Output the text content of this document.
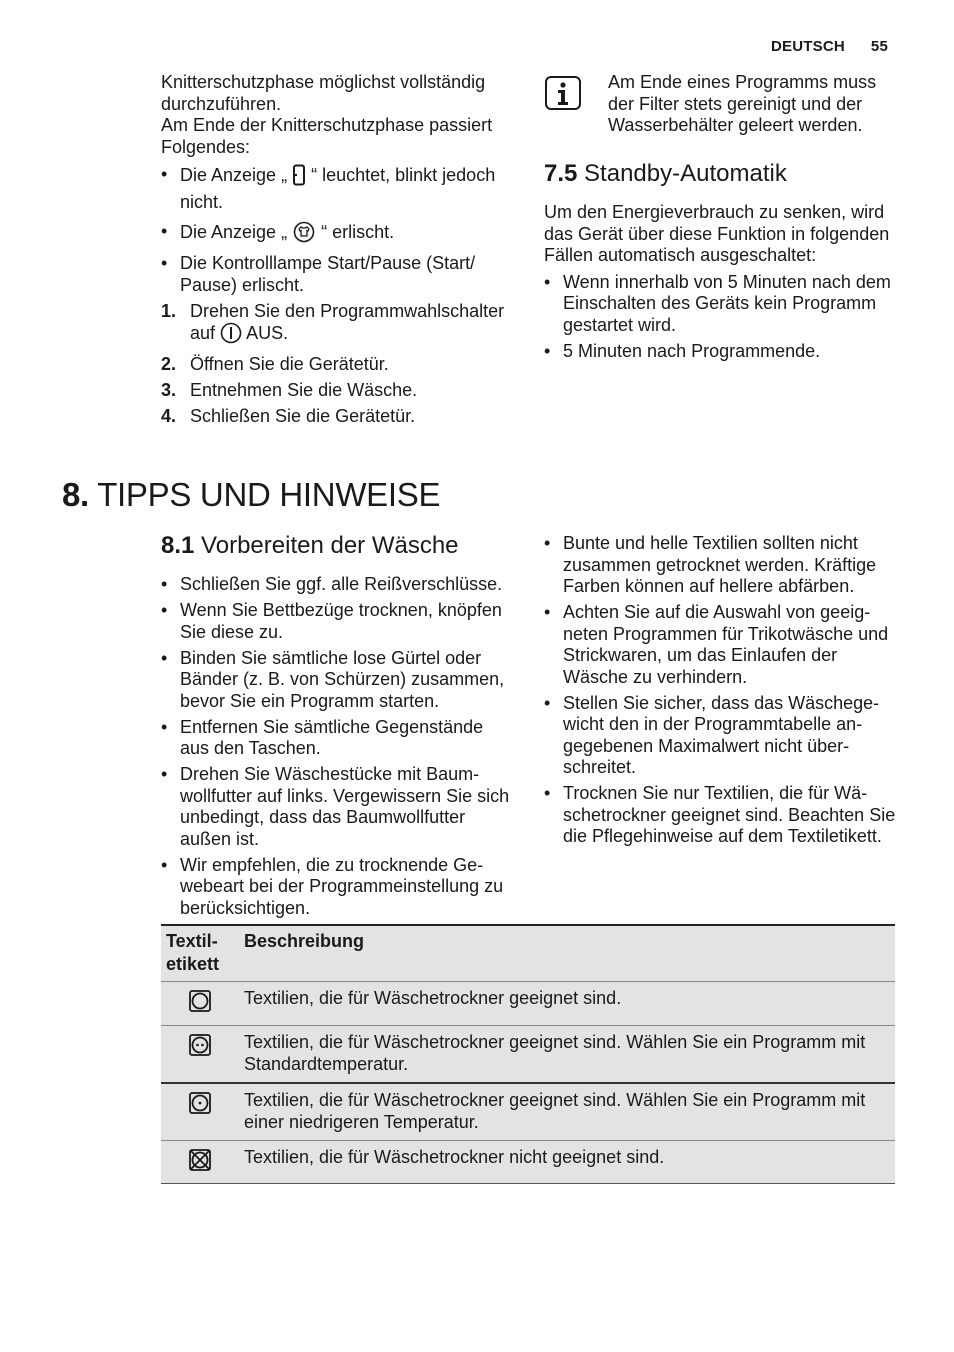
DEUTSCH 55
Knitterschutzphase möglichst vollständig durchzuführen.
Am Ende der Knitterschutzphase passiert Folgendes:
• Die Anzeige „ “ leuchtet, blinkt jedoch nicht.
• Die Anzeige „ “ erlischt.
• Die Kontrolllampe Start/Pause (Start/ Pause) erlischt.
1. Drehen Sie den Programmwahlschalter auf AUS.
2. Öffnen Sie die Gerätetür.
3. Entnehmen Sie die Wäsche.
4. Schließen Sie die Gerätetür.
Am Ende eines Programms muss der Filter stets gereinigt und der Wasserbehälter geleert werden.
7.5 Standby-Automatik
Um den Energieverbrauch zu senken, wird das Gerät über diese Funktion in folgenden Fällen automatisch ausgeschaltet:
• Wenn innerhalb von 5 Minuten nach dem Einschalten des Geräts kein Programm gestartet wird.
• 5 Minuten nach Programmende.
8. TIPPS UND HINWEISE
8.1 Vorbereiten der Wäsche
• Schließen Sie ggf. alle Reißverschlüsse.
• Wenn Sie Bettbezüge trocknen, knöpfen Sie diese zu.
• Binden Sie sämtliche lose Gürtel oder Bänder (z. B. von Schürzen) zusammen, bevor Sie ein Programm starten.
• Entfernen Sie sämtliche Gegenstände aus den Taschen.
• Drehen Sie Wäschestücke mit Baumwollfutter auf links. Vergewissern Sie sich unbedingt, dass das Baumwollfutter außen ist.
• Wir empfehlen, die zu trocknende Gewebeart bei der Programmeinstellung zu berücksichtigen.
• Bunte und helle Textilien sollten nicht zusammen getrocknet werden. Kräftige Farben können auf hellere abfärben.
• Achten Sie auf die Auswahl von geeigneten Programmen für Trikotwäsche und Strickwaren, um das Einlaufen der Wäsche zu verhindern.
• Stellen Sie sicher, dass das Wäschegewicht den in der Programmtabelle angegebenen Maximalwert nicht überschreitet.
• Trocknen Sie nur Textilien, die für Wäschetrockner geeignet sind. Beachten Sie die Pflegehinweise auf dem Textiletikett.
Textiletikett	Beschreibung
	Textilien, die für Wäschetrockner geeignet sind.
	Textilien, die für Wäschetrockner geeignet sind. Wählen Sie ein Programm mit Standardtemperatur.
	Textilien, die für Wäschetrockner geeignet sind. Wählen Sie ein Programm mit einer niedrigeren Temperatur.
	Textilien, die für Wäschetrockner nicht geeignet sind.
